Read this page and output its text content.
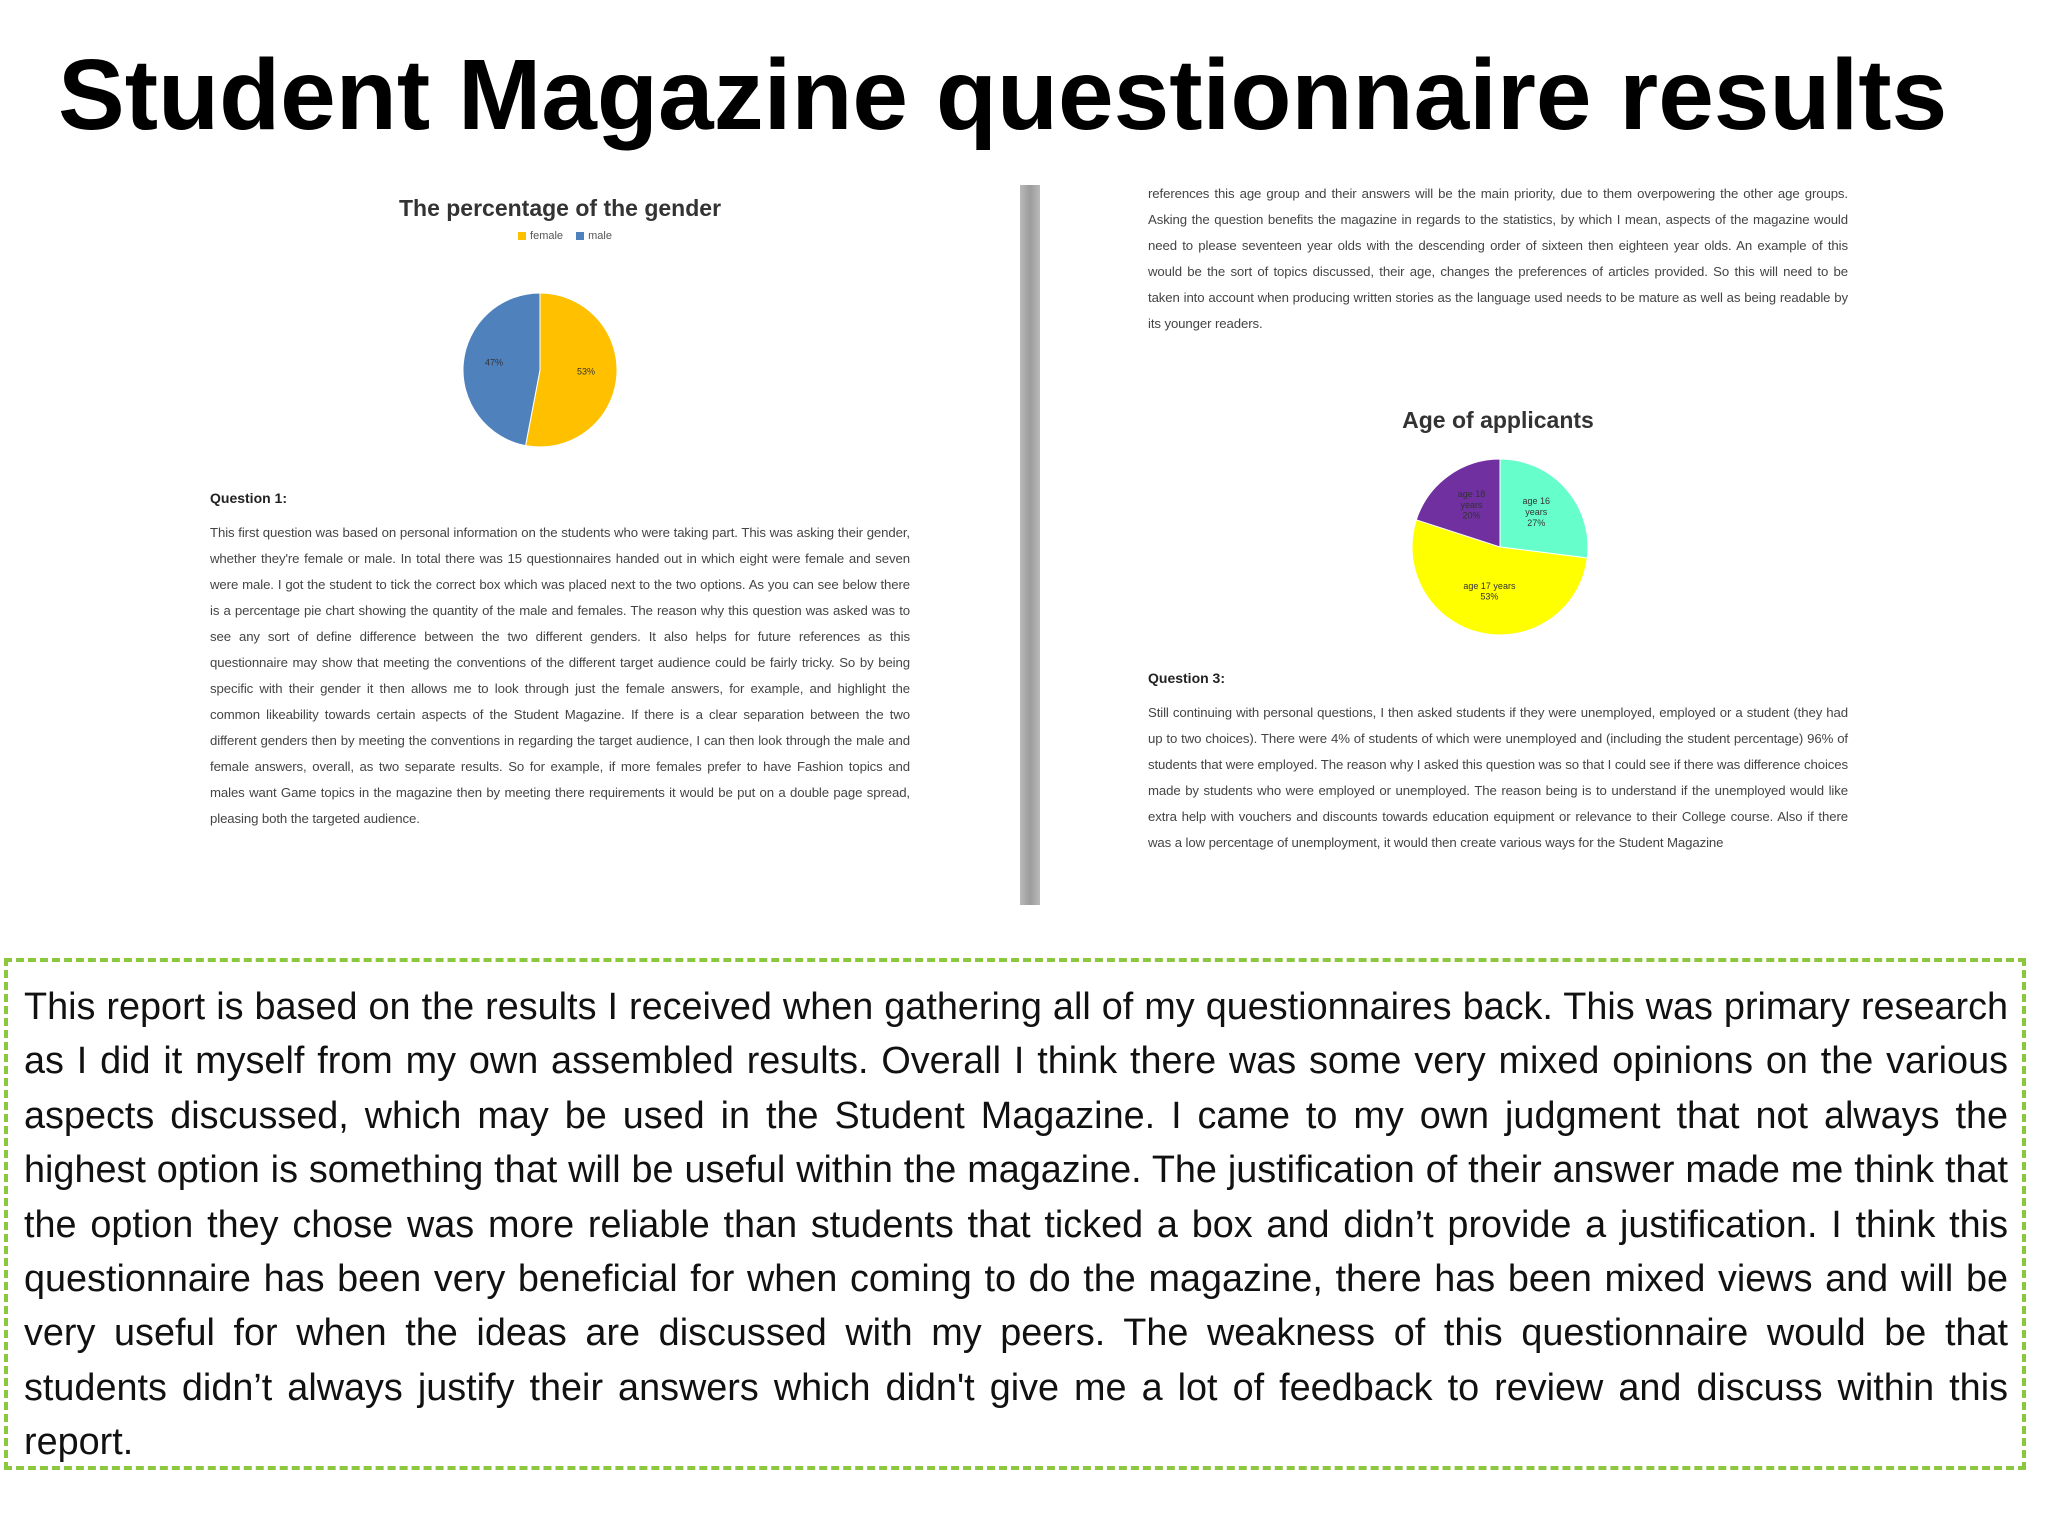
Student Magazine questionnaire results

The percentage of the gender

female male
53%
47%

Question 1:

This first question was based on personal information on the students who were taking part. This was asking their gender, whether they're female or male. In total there was 15 questionnaires handed out in which eight were female and seven were male. I got the student to tick the correct box which was placed next to the two options. As you can see below there is a percentage pie chart showing the quantity of the male and females. The reason why this question was asked was to see any sort of define difference between the two different genders. It also helps for future references as this questionnaire may show that meeting the conventions of the different target audience could be fairly tricky. So by being specific with their gender it then allows me to look through just the female answers, for example, and highlight the common likeability towards certain aspects of the Student Magazine. If there is a clear separation between the two different genders then by meeting the conventions in regarding the target audience, I can then look through the male and female answers, overall, as two separate results. So for example, if more females prefer to have Fashion topics and males want Game topics in the magazine then by meeting there requirements it would be put on a double page spread, pleasing both the targeted audience.

references this age group and their answers will be the main priority, due to them overpowering the other age groups. Asking the question benefits the magazine in regards to the statistics, by which I mean, aspects of the magazine would need to please seventeen year olds with the descending order of sixteen then eighteen year olds. An example of this would be the sort of topics discussed, their age, changes the preferences of articles provided. So this will need to be taken into account when producing written stories as the language used needs to be mature as well as being readable by its younger readers.

Age of applicants

age 16 years 27%
age 17 years 53%
age 18 years 20%

Question 3:

Still continuing with personal questions, I then asked students if they were unemployed, employed or a student (they had up to two choices). There were 4% of students of which were unemployed and (including the student percentage) 96% of students that were employed. The reason why I asked this question was so that I could see if there was difference choices made by students who were employed or unemployed. The reason being is to understand if the unemployed would like extra help with vouchers and discounts towards education equipment or relevance to their College course. Also if there was a low percentage of unemployment, it would then create various ways for the Student Magazine

This report is based on the results I received when gathering all of my questionnaires back. This was primary research as I did it myself from my own assembled results. Overall I think there was some very mixed opinions on the various aspects discussed, which may be used in the Student Magazine. I came to my own judgment that not always the highest option is something that will be useful within the magazine. The justification of their answer made me think that the option they chose was more reliable than students that ticked a box and didn’t provide a justification. I think this questionnaire has been very beneficial for when coming to do the magazine, there has been mixed views and will be very useful for when the ideas are discussed with my peers. The weakness of this questionnaire would be that students didn’t always justify their answers which didn't give me a lot of feedback to review and discuss within this report.
